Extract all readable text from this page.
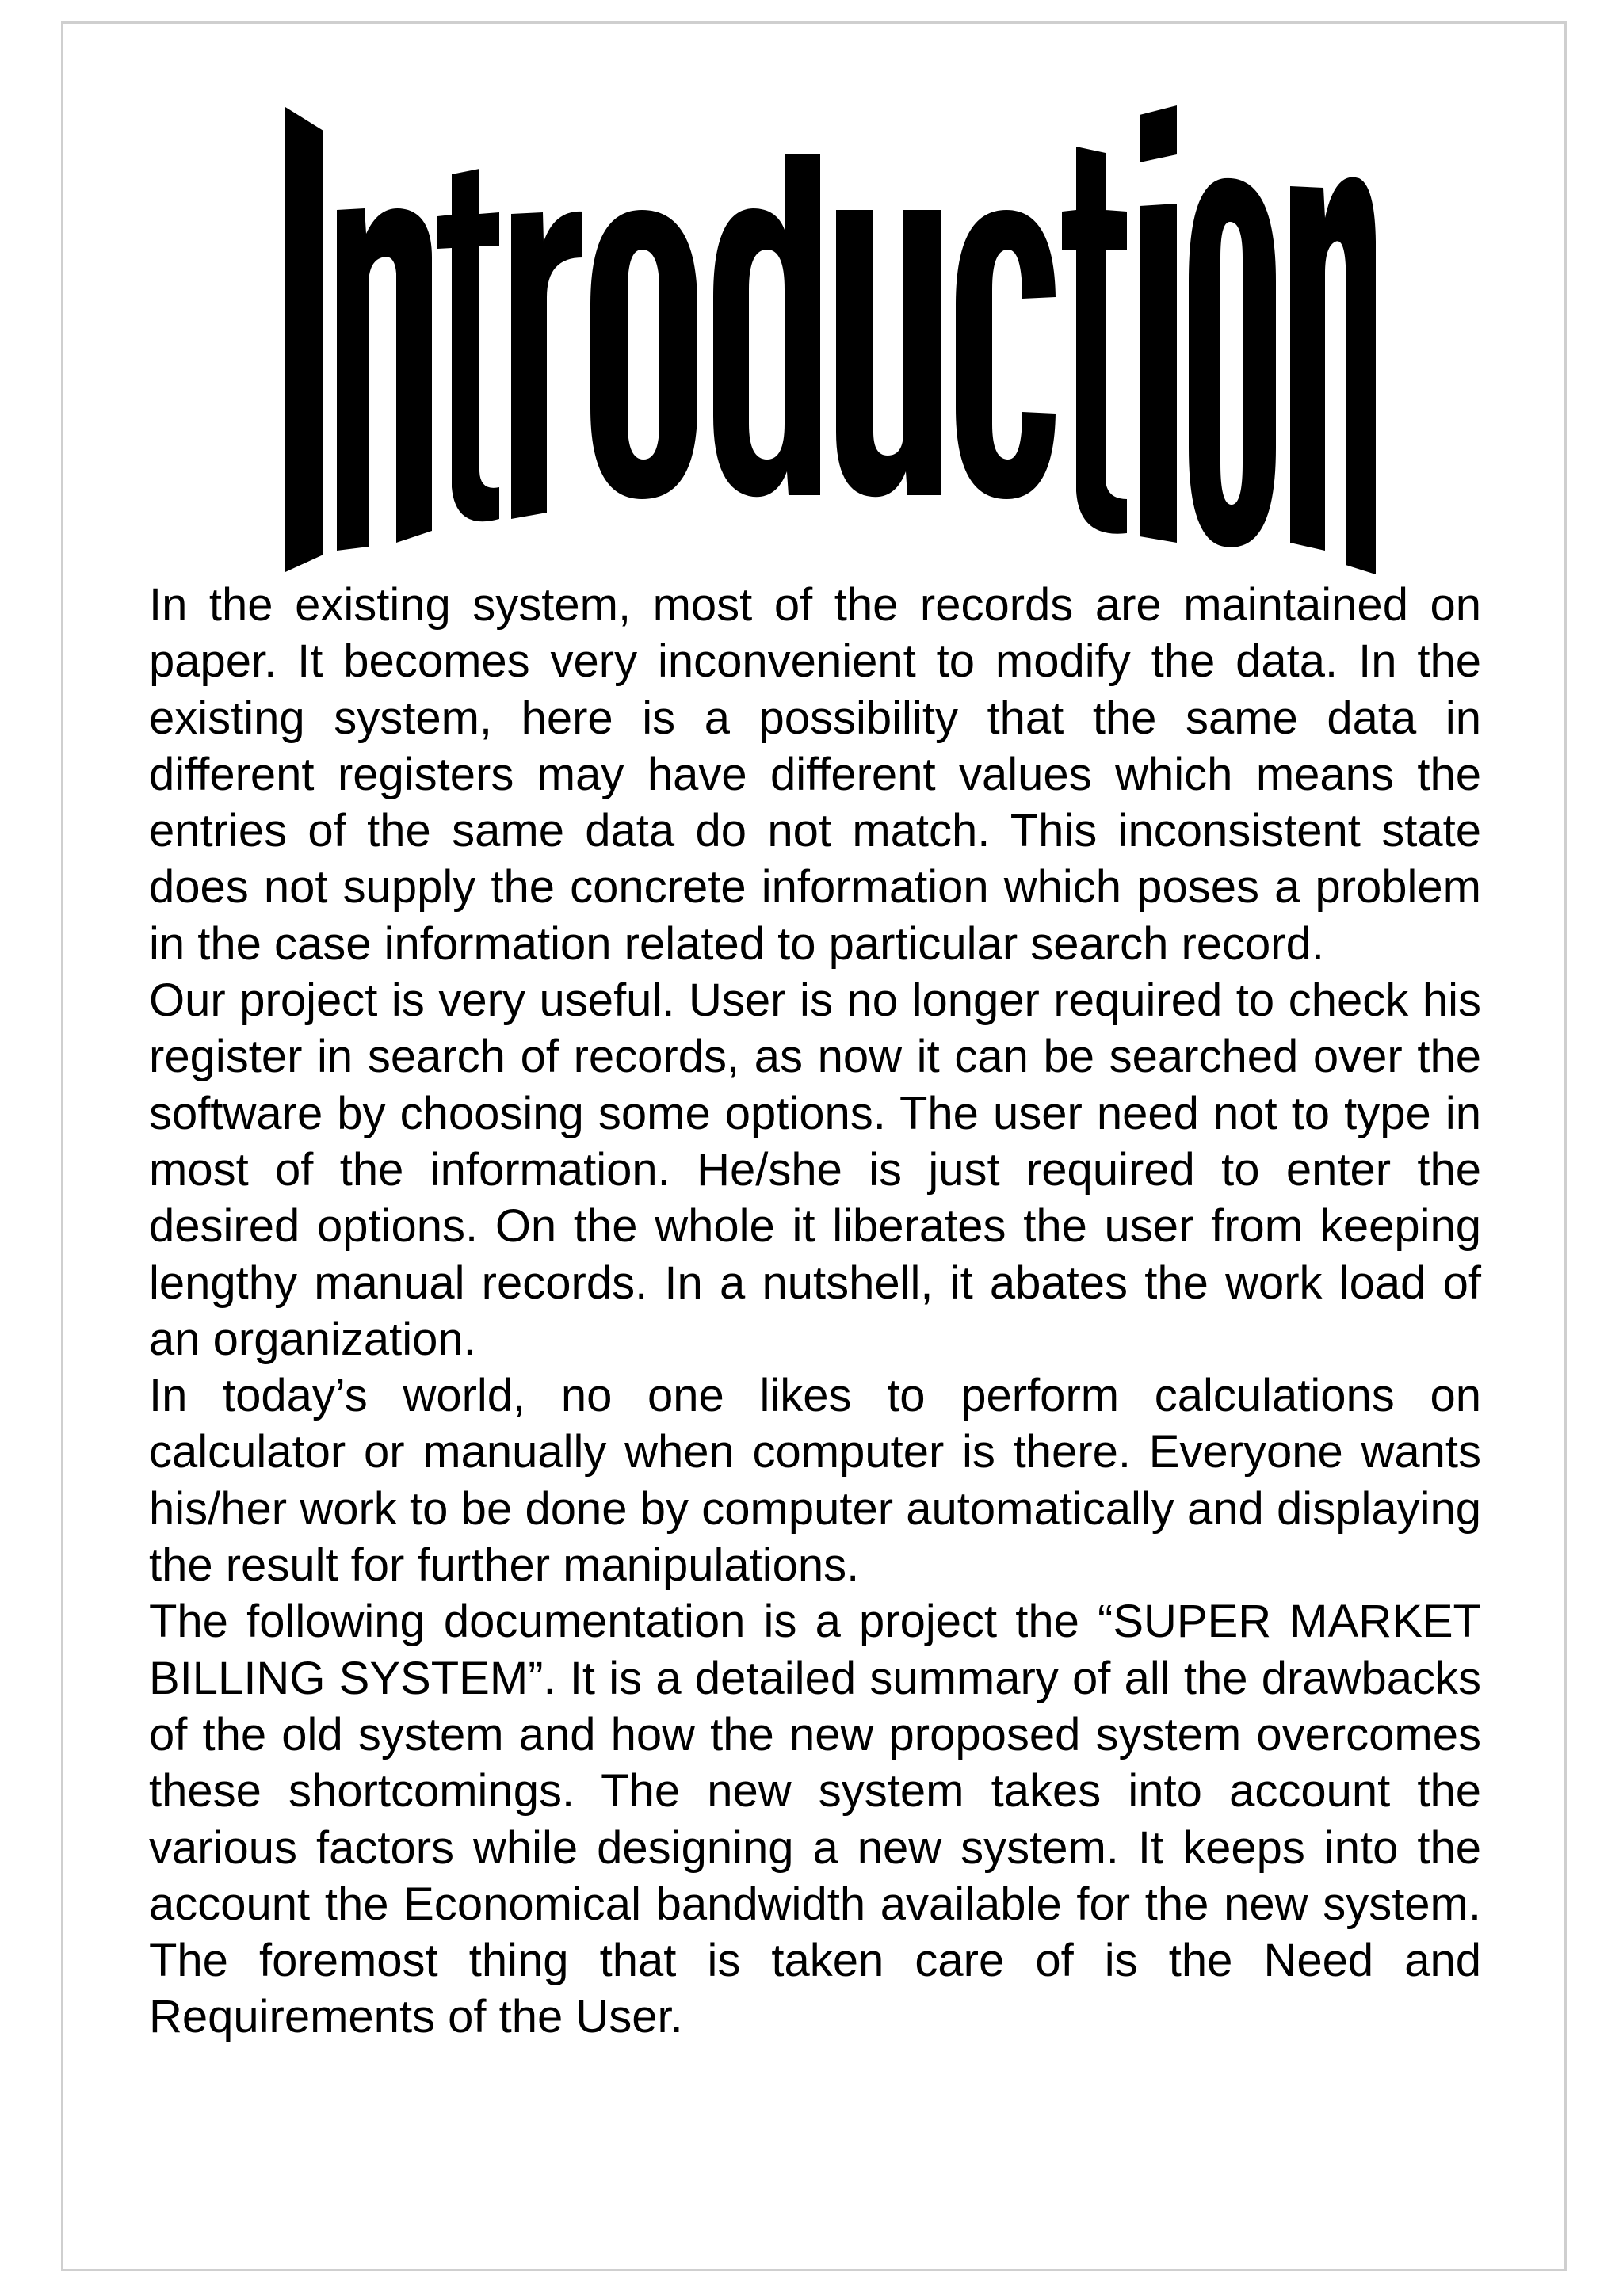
In the existing system, most of the records are maintained on paper. It becomes very inconvenient to modify the data. In the existing system, here is a possibility that the same data in different registers may have different values which means the entries of the same data do not match. This inconsistent state does not supply the concrete information which poses a problem in the case information related to particular search record.

Our project is very useful. User is no longer required to check his register in search of records, as now it can be searched over the software by choosing some options. The user need not to type in most of the information. He/she is just required to enter the desired options. On the whole it liberates the user from keeping lengthy manual records. In a nutshell, it abates the work load of an organization.

In today’s world, no one likes to perform calculations on calculator or manually when computer is there. Everyone wants his/her work to be done by computer automatically and displaying the result for further manipulations.

The following documentation is a project the “SUPER MARKET BILLING SYSTEM”. It is a detailed summary of all the drawbacks of the old system and how the new proposed system overcomes these shortcomings. The new system takes into account the various factors while designing a new system. It keeps into the account the Economical bandwidth available for the new system. The foremost thing that is taken care of is the Need and Requirements of the User.
